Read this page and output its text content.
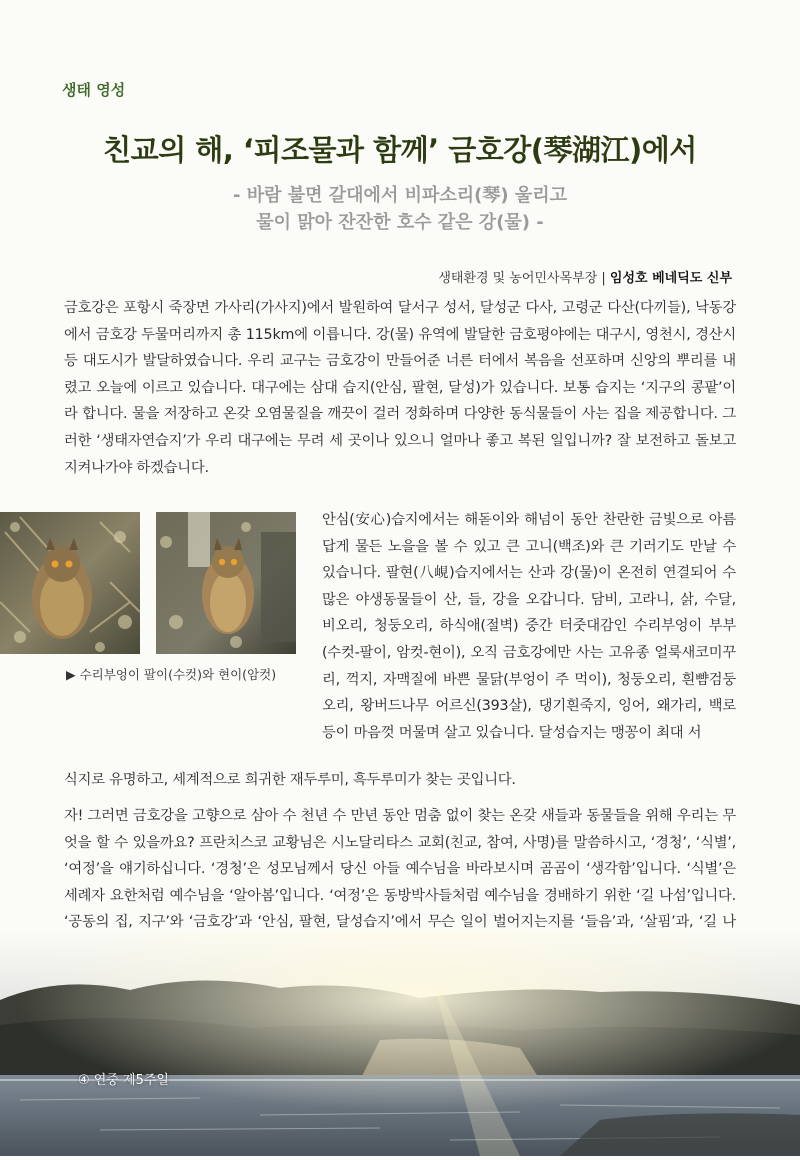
생태 영성
친교의 해, ‘피조물과 함께’ 금호강(琴湖江)에서
- 바람 불면 갈대에서 비파소리(琴) 울리고
물이 맑아 잔잔한 호수 같은 강(물) -
생태환경 및 농어민사목부장 | 임성호 베네딕도 신부

금호강은 포항시 죽장면 가사리(가사지)에서 발원하여 달서구 성서, 달성군 다사, 고령군 다산(다끼들), 낙동강에서 금호강 두물머리까지 총 115km에 이릅니다. 강(물) 유역에 발달한 금호평야에는 대구시, 영천시, 경산시 등 대도시가 발달하였습니다. 우리 교구는 금호강이 만들어준 너른 터에서 복음을 선포하며 신앙의 뿌리를 내렸고 오늘에 이르고 있습니다. 대구에는 삼대 습지(안심, 팔현, 달성)가 있습니다. 보통 습지는 ‘지구의 콩팥’이라 합니다. 물을 저장하고 온갖 오염물질을 깨끗이 걸러 정화하며 다양한 동식물들이 사는 집을 제공합니다. 그러한 ‘생태자연습지’가 우리 대구에는 무려 세 곳이나 있으니 얼마나 좋고 복된 일입니까? 잘 보전하고 돌보고 지켜나가야 하겠습니다.

▶ 수리부엉이 팔이(수컷)와 현이(암컷)

안심(安心)습지에서는 해돋이와 해넘이 동안 찬란한 금빛으로 아름답게 물든 노을을 볼 수 있고 큰 고니(백조)와 큰 기러기도 만날 수 있습니다. 팔현(八峴)습지에서는 산과 강(물)이 온전히 연결되어 수많은 야생동물들이 산, 들, 강을 오갑니다. 담비, 고라니, 삵, 수달, 비오리, 청둥오리, 하식애(절벽) 중간 터줏대감인 수리부엉이 부부(수컷-팔이, 암컷-현이), 오직 금호강에만 사는 고유종 얼룩새코미꾸리, 꺽지, 자맥질에 바쁜 물닭(부엉이 주 먹이), 청둥오리, 흰뺨검둥오리, 왕버드나무 어르신(393살), 댕기흰죽지, 잉어, 왜가리, 백로 등이 마음껏 머물며 살고 있습니다. 달성습지는 맹꽁이 최대 서

식지로 유명하고, 세계적으로 희귀한 재두루미, 흑두루미가 찾는 곳입니다.

자! 그러면 금호강을 고향으로 삼아 수 천년 수 만년 동안 멈춤 없이 찾는 온갖 새들과 동물들을 위해 우리는 무엇을 할 수 있을까요? 프란치스코 교황님은 시노달리타스 교회(친교, 참여, 사명)를 말씀하시고, ‘경청’, ‘식별’, ‘여정’을 얘기하십니다. ‘경청’은 성모님께서 당신 아들 예수님을 바라보시며 곰곰이 ‘생각함’입니다. ‘식별’은 세례자 요한처럼 예수님을 ‘알아봄’입니다. ‘여정’은 동방박사들처럼 예수님을 경배하기 위한 ‘길 나섬’입니다. ‘공동의 집, 지구’와 ‘금호강’과 ‘안심, 팔현, 달성습지’에서 무슨 일이 벌어지는지를 ‘들음’과, ‘살핌’과, ‘길 나

④ 연중 제5주일
